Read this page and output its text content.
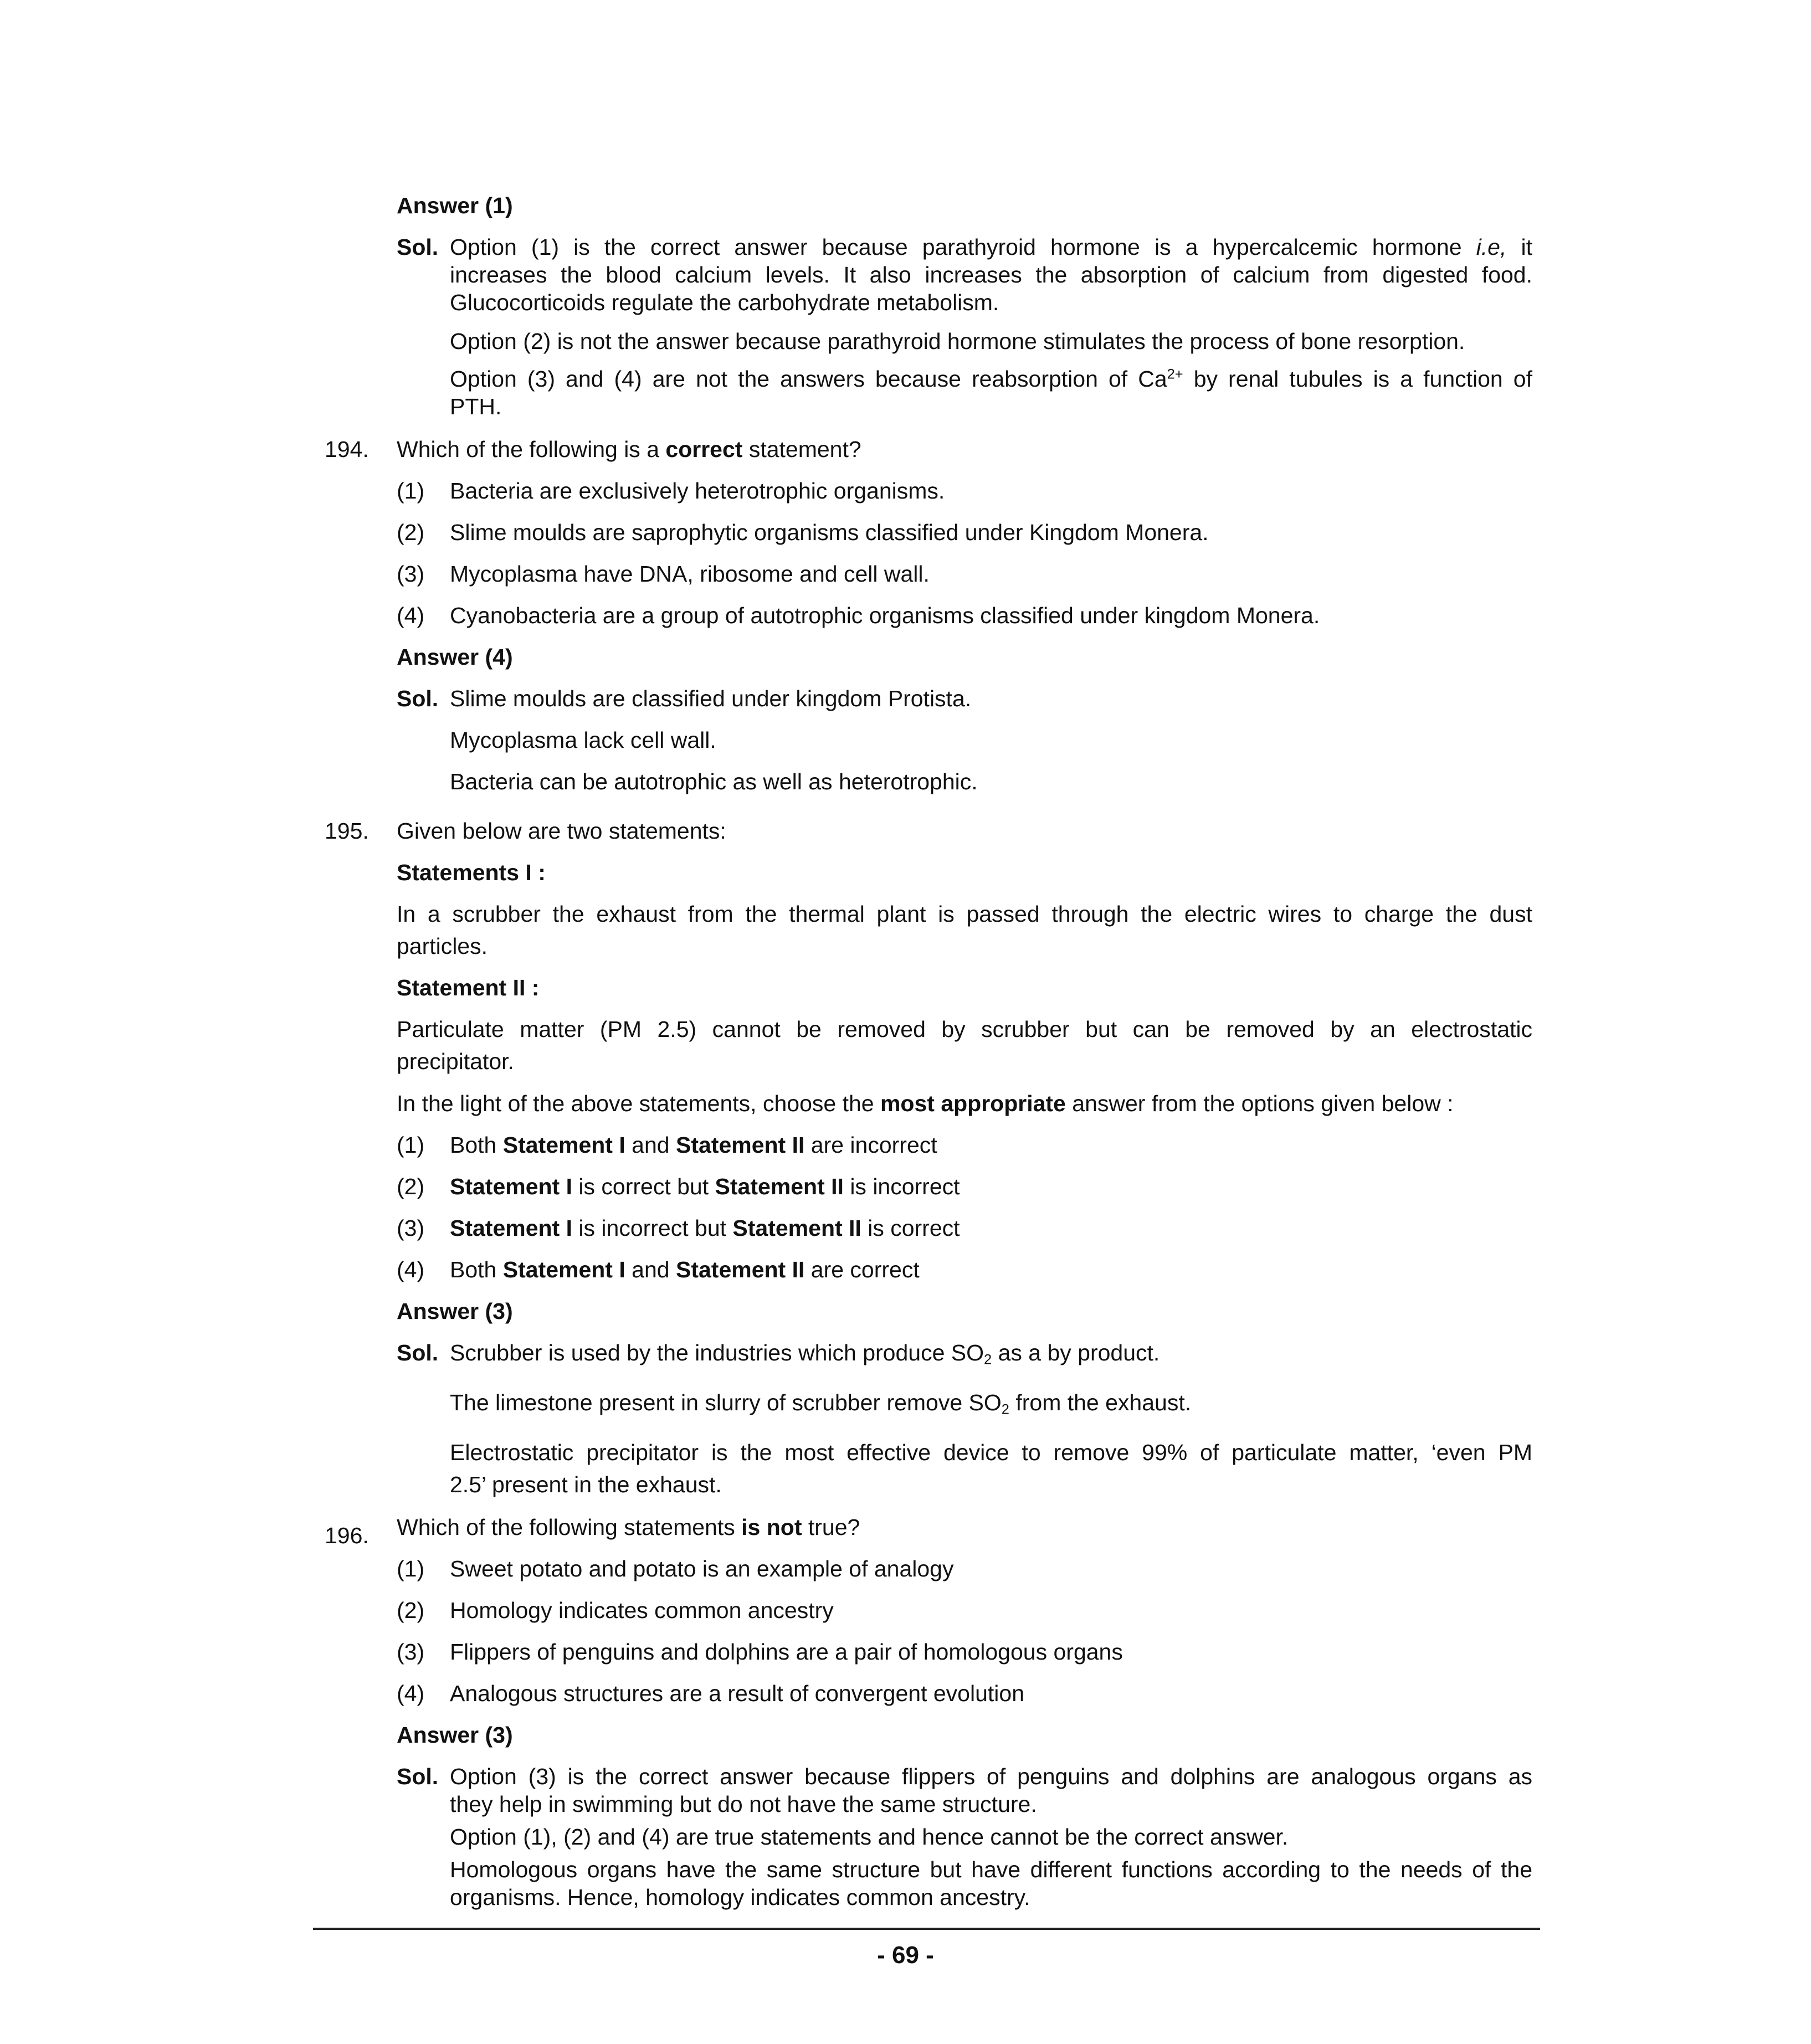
Answer (1)
Sol. Option (1) is the correct answer because parathyroid hormone is a hypercalcemic hormone i.e, it
increases the blood calcium levels. It also increases the absorption of calcium from digested food.
Glucocorticoids regulate the carbohydrate metabolism.
Option (2) is not the answer because parathyroid hormone stimulates the process of bone resorption.
Option (3) and (4) are not the answers because reabsorption of $Ca^{2+}$ by renal tubules is a function of
PTH.
194. Which of the following is a correct statement?
(1) Bacteria are exclusively heterotrophic organisms.
(2) Slime moulds are saprophytic organisms classified under Kingdom Monera.
(3) Mycoplasma have DNA, ribosome and cell wall.
(4) Cyanobacteria are a group of autotrophic organisms classified under kingdom Monera.
Answer (4)
Sol. Slime moulds are classified under kingdom Protista.
Mycoplasma lack cell wall.
Bacteria can be autotrophic as well as heterotrophic.
195. Given below are two statements:
Statements I :
In a scrubber the exhaust from the thermal plant is passed through the electric wires to charge the dust
particles.
Statement II :
Particulate matter (PM 2.5) cannot be removed by scrubber but can be removed by an electrostatic
precipitator.
In the light of the above statements, choose the most appropriate answer from the options given below :
(1) Both Statement I and Statement II are incorrect
(2) Statement I is correct but Statement II is incorrect
(3) Statement I is incorrect but Statement II is correct
(4) Both Statement I and Statement II are correct
Answer (3)
Sol. Scrubber is used by the industries which produce $SO_2$ as a by product.
The limestone present in slurry of scrubber remove $SO_2$ from the exhaust.
Electrostatic precipitator is the most effective device to remove 99% of particulate matter, ‘even PM
2.5’ present in the exhaust.
196. Which of the following statements is not true?
(1) Sweet potato and potato is an example of analogy
(2) Homology indicates common ancestry
(3) Flippers of penguins and dolphins are a pair of homologous organs
(4) Analogous structures are a result of convergent evolution
Answer (3)
Sol. Option (3) is the correct answer because flippers of penguins and dolphins are analogous organs as
they help in swimming but do not have the same structure.
Option (1), (2) and (4) are true statements and hence cannot be the correct answer.
Homologous organs have the same structure but have different functions according to the needs of the
organisms. Hence, homology indicates common ancestry.
- 69 -
